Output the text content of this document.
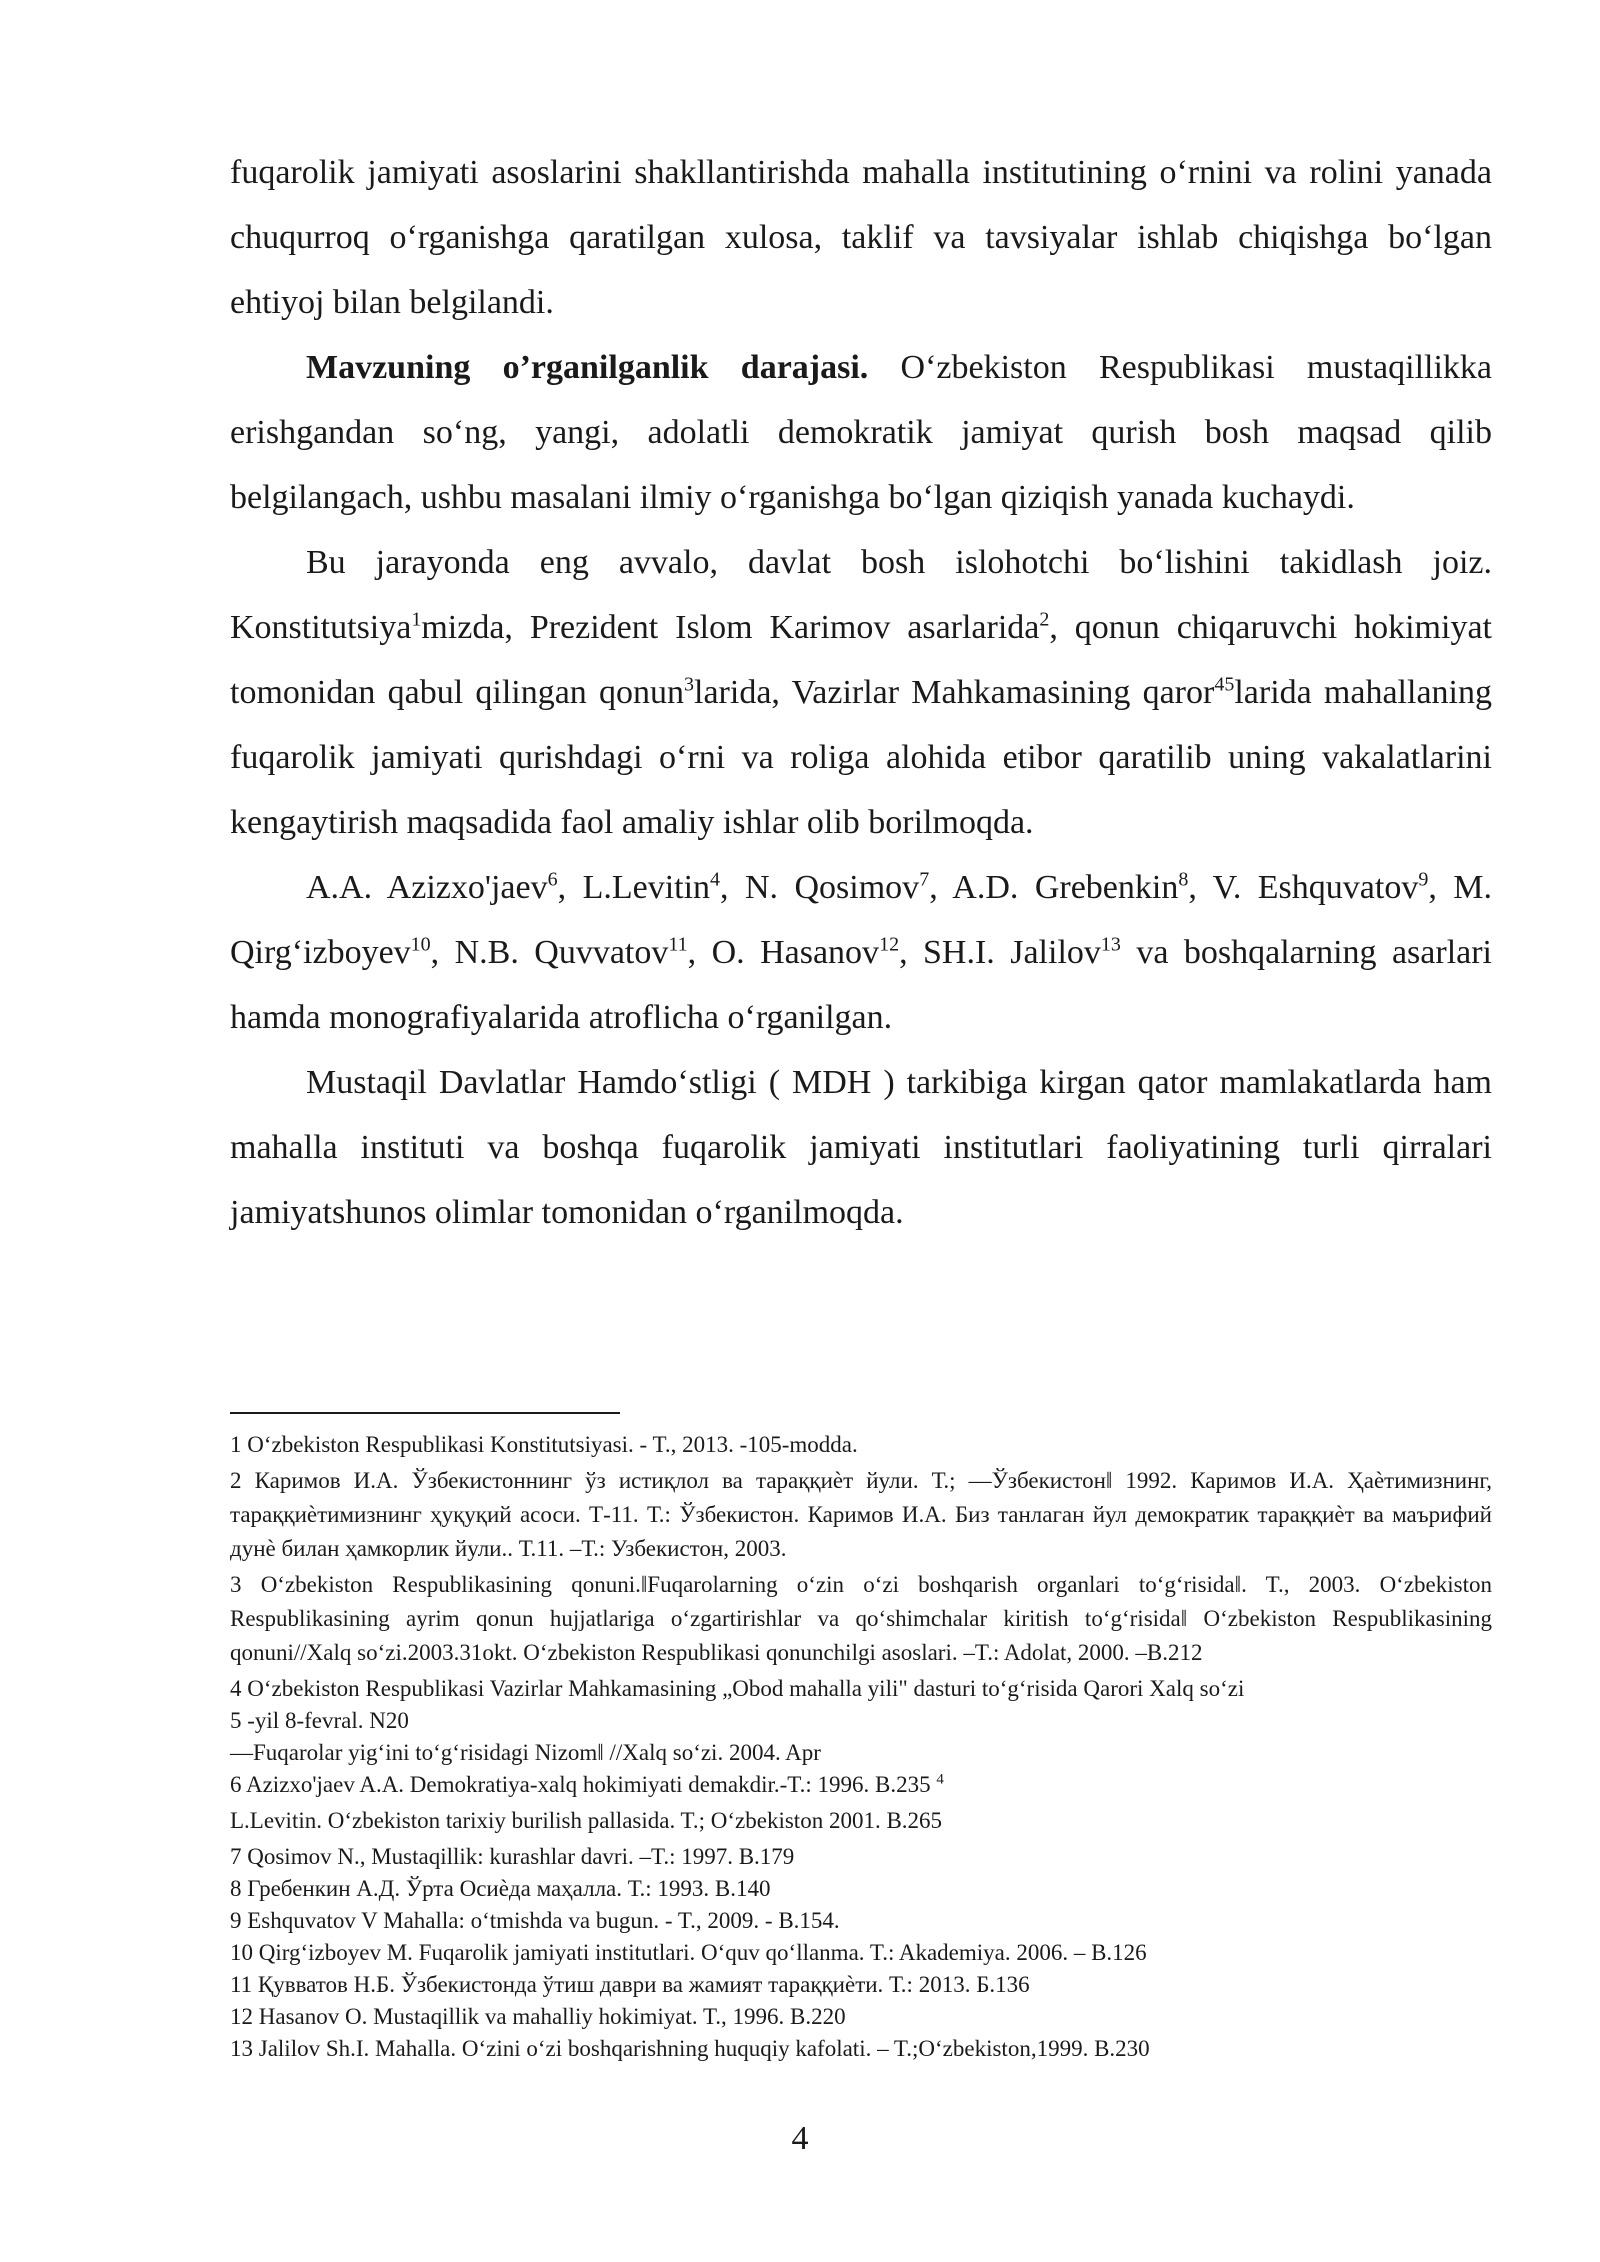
fuqarolik jamiyati asoslarini shakllantirishda mahalla institutining o‘rnini va rolini yanada chuqurroq o‘rganishga qaratilgan xulosa, taklif va tavsiyalar ishlab chiqishga bo‘lgan ehtiyoj bilan belgilandi.

Mavzuning o’rganilganlik darajasi. O‘zbekiston Respublikasi mustaqillikka erishgandan so‘ng, yangi, adolatli demokratik jamiyat qurish bosh maqsad qilib belgilangach, ushbu masalani ilmiy o‘rganishga bo‘lgan qiziqish yanada kuchaydi.

Bu jarayonda eng avvalo, davlat bosh islohotchi bo‘lishini takidlash joiz. Konstitutsiya$^1$mizda, Prezident Islom Karimov asarlarida$^2$, qonun chiqaruvchi hokimiyat tomonidan qabul qilingan qonun$^3$larida, Vazirlar Mahkamasining qaror$^{45}$larida mahallaning fuqarolik jamiyati qurishdagi o‘rni va roliga alohida etibor qaratilib uning vakalatlarini kengaytirish maqsadida faol amaliy ishlar olib borilmoqda.

A.A. Azizxo'jaev$^6$, L.Levitin$^4$, N. Qosimov$^7$, A.D. Grebenkin$^8$, V. Eshquvatov$^9$, M. Qirg‘izboyev$^{10}$, N.B. Quvvatov$^{11}$, O. Hasanov$^{12}$, SH.I. Jalilov$^{13}$ va boshqalarning asarlari hamda monografiyalarida atroflicha o‘rganilgan.

Mustaqil Davlatlar Hamdo‘stligi ( MDH ) tarkibiga kirgan qator mamlakatlarda ham mahalla instituti va boshqa fuqarolik jamiyati institutlari faoliyatining turli qirralari jamiyatshunos olimlar tomonidan o‘rganilmoqda.

1 O‘zbekiston Respublikasi Konstitutsiyasi. - T., 2013. -105-modda.

2 Каримов И.А. Ўзбекистоннинг ўз истиқлол ва тараққиѐт йули. Т.; ―Ўзбекистон‖ 1992. Каримов И.А. Ҳаѐтимизнинг, тараққиѐтимизнинг ҳуқуқий асоси. Т-11. Т.: Ўзбекистон. Каримов И.А. Биз танлаган йул демократик тараққиѐт ва маърифий дунѐ билан ҳамкорлик йули.. Т.11. –Т.: Узбекистон, 2003.

3 O‘zbekiston Respublikasining qonuni.‖Fuqarolarning o‘zin o‘zi boshqarish organlari to‘g‘risida‖. T., 2003. O‘zbekiston Respublikasining ayrim qonun hujjatlariga o‘zgartirishlar va qo‘shimchalar kiritish to‘g‘risida‖ O‘zbekiston Respublikasining qonuni//Xalq so‘zi.2003.31okt. O‘zbekiston Respublikasi qonunchilgi asoslari. –T.: Adolat, 2000. –B.212

4 O‘zbekiston Respublikasi Vazirlar Mahkamasining „Obod mahalla yili" dasturi to‘g‘risida Qarori Xalq so‘zi

5 -yil 8-fevral. N20

―Fuqarolar yig‘ini to‘g‘risidagi Nizom‖ //Xalq so‘zi. 2004. Apr

6 Azizxo'jaev A.A. Demokratiya-xalq hokimiyati demakdir.-T.: 1996. B.235 $^4$

L.Levitin. O‘zbekiston tarixiy burilish pallasida. T.; O‘zbekiston 2001. B.265

7 Qosimov N., Mustaqillik: kurashlar davri. –T.: 1997. B.179

8 Гребенкин А.Д. Ўрта Осиѐда маҳалла. Т.: 1993. B.140

9 Eshquvatov V Mahalla: o‘tmishda va bugun. - T., 2009. - B.154.

10 Qirg‘izboyev M. Fuqarolik jamiyati institutlari. O‘quv qo‘llanma. T.: Akademiya. 2006. – B.126

11 Қувватов Н.Б. Ўзбекистонда ўтиш даври ва жамият тараққиѐти. Т.: 2013. Б.136

12 Hasanov O. Mustaqillik va mahalliy hokimiyat. T., 1996. B.220

13 Jalilov Sh.I. Mahalla. O‘zini o‘zi boshqarishning huquqiy kafolati. – T.;O‘zbekiston,1999. B.230

4
